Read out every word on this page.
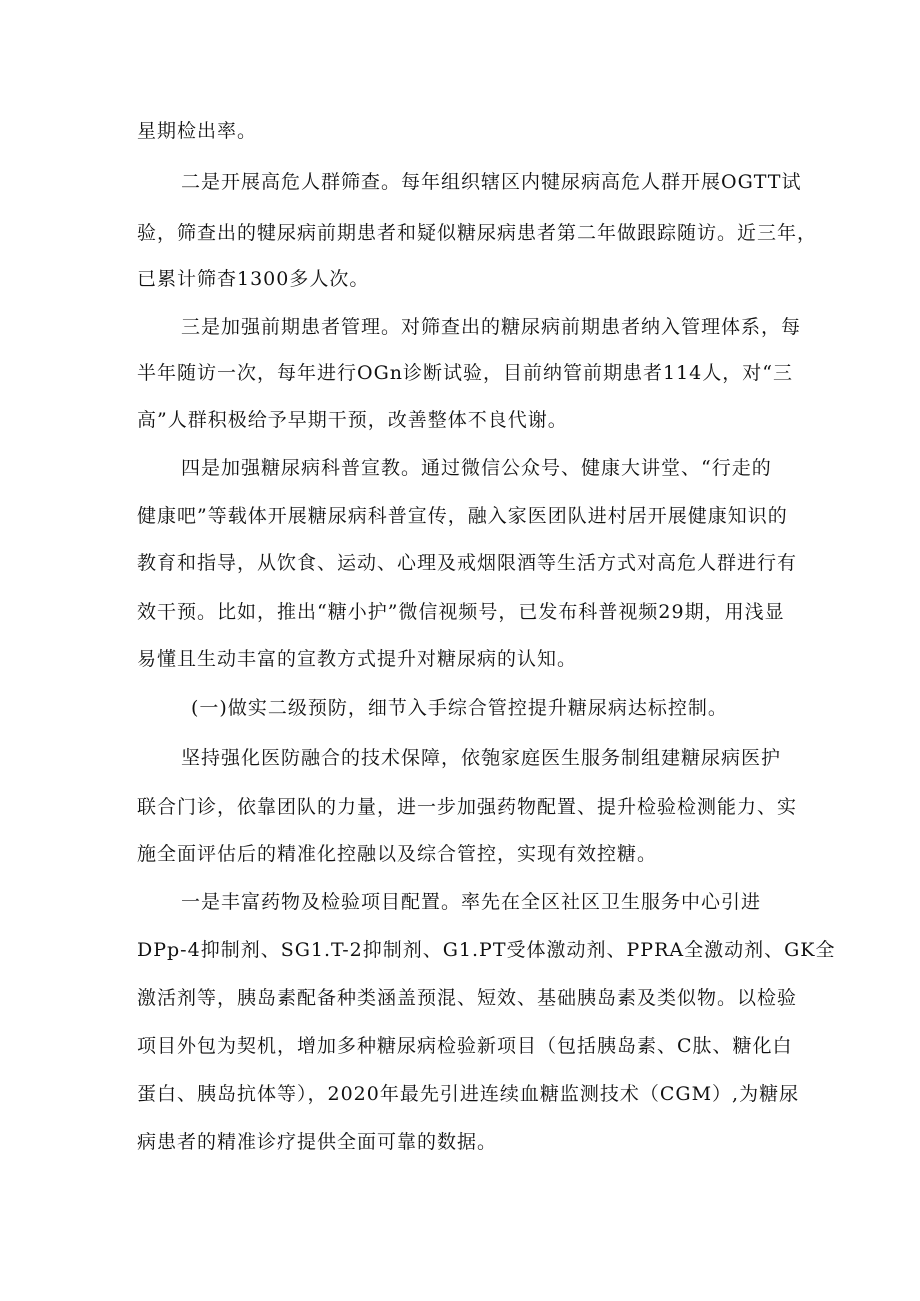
星期检出率。
二是开展高危人群筛查。每年组织辖区内犍尿病高危人群开展OGTT试
验，筛查出的犍尿病前期患者和疑似糖尿病患者第二年做跟踪随访。近三年，
已累计筛杳1300多人次。
三是加强前期患者管理。对筛查出的糖尿病前期患者纳入管理体系，每
半年随访一次，每年进行OGn诊断试验，目前纳管前期患者114人，对“三
高”人群积极给予早期干预，改善整体不良代谢。
四是加强糖尿病科普宣教。通过微信公众号、健康大讲堂、“行走的
健康吧”等载体开展糖尿病科普宣传，融入家医团队进村居开展健康知识的
教育和指导，从饮食、运动、心理及戒烟限酒等生活方式对高危人群进行有
效干预。比如，推出“糖小护”微信视频号，已发布科普视频29期，用浅显
易懂且生动丰富的宣教方式提升对糖尿病的认知。
(一)做实二级预防，细节入手综合管控提升糖尿病达标控制。
坚持强化医防融合的技术保障，依匏家庭医生服务制组建糖尿病医护
联合门诊，依靠团队的力量，进一步加强药物配置、提升检验检测能力、实
施全面评估后的精准化控融以及综合管控，实现有效控糖。
一是丰富药物及检验项目配置。率先在全区社区卫生服务中心引进
DPp-4抑制剂、SG1.T-2抑制剂、G1.PT受体激动剂、PPRA全激动剂、GK全
激活剂等，胰岛素配备种类涵盖预混、短效、基础胰岛素及类似物。以检验
项目外包为契机，增加多种糖尿病检验新项目（包括胰岛素、C肽、糖化白
蛋白、胰岛抗体等），2020年最先引进连续血糖监测技术（CGM）,为糖尿
病患者的精准诊疗提供全面可靠的数据。
